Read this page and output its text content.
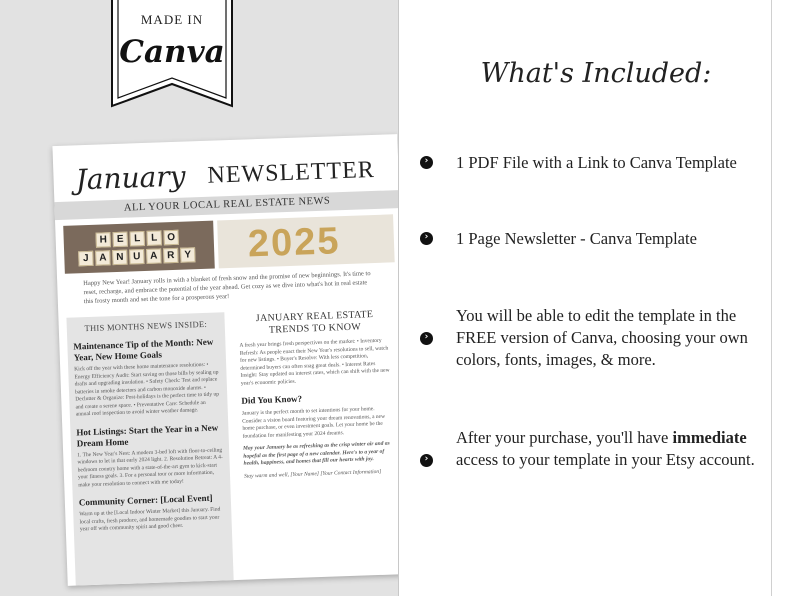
MADE IN
Canva
January NEWSLETTER
ALL YOUR LOCAL REAL ESTATE NEWS
H E	L	L O
J	A N U A R Y 2025
Happy New Year! January rolls in with a blanket of fresh snow and the promise of new beginnings. It's time to reset, recharge, and embrace the potential of the year ahead. Get cozy as we dive into what's hot in real estate this frosty month and set the tone for a prosperous year!
THIS MONTHS NEWS INSIDE:
Maintenance Tip of the Month: New Year, New Home Goals
Kick off the year with these home maintenance resolutions: • Energy Efficiency Audit: Start saving on those bills by sealing up drafts and upgrading insulation. • Safety Check: Test and replace batteries in smoke detectors and carbon monoxide alarms. • Declutter & Organize: Post-holidays is the perfect time to tidy up and create a serene space. • Preventative Care: Schedule an annual roof inspection to avoid winter weather damage.
Hot Listings: Start the Year in a New Dream Home
1. The New Year's Nest: A modern 3-bed loft with floor-to-ceiling windows to let in that early 2024 light. 2. Resolution Retreat: A 4-bedroom country home with a state-of-the-art gym to kick-start your fitness goals. 3. For a personal tour or more information, make your resolution to connect with me today!
Community Corner: [Local Event]
Warm up at the [Local Indoor Winter Market] this January. Find local crafts, fresh produce, and homemade goodies to start your year off with community spirit and good cheer.
JANUARY REAL ESTATE TRENDS TO KNOW
A fresh year brings fresh perspectives on the market: • Inventory Refresh: As people enact their New Year's resolutions to sell, watch for new listings. • Buyer's Resolve: With less competition, determined buyers can often snag great deals. • Interest Rates Insight: Stay updated on interest rates, which can shift with the new year's economic policies.
Did You Know?
January is the perfect month to set intentions for your home. Consider a vision board featuring your dream renovations, a new home purchase, or even investment goals. Let your home be the foundation for manifesting your 2024 dreams.
May your January be as refreshing as the crisp winter air and as hopeful as the first page of a new calendar. Here's to a year of health, happiness, and homes that fill our hearts with joy.
Stay warm and well, [Your Name] [Your Contact Information]
What's Included:
› 1 PDF File with a Link to Canva Template
› 1 Page Newsletter - Canva Template
›
You will be able to edit the template in the FREE version of Canva, choosing your own colors, fonts, images, & more.
›
After your purchase, you'll have immediate access to your template in your Etsy account.
